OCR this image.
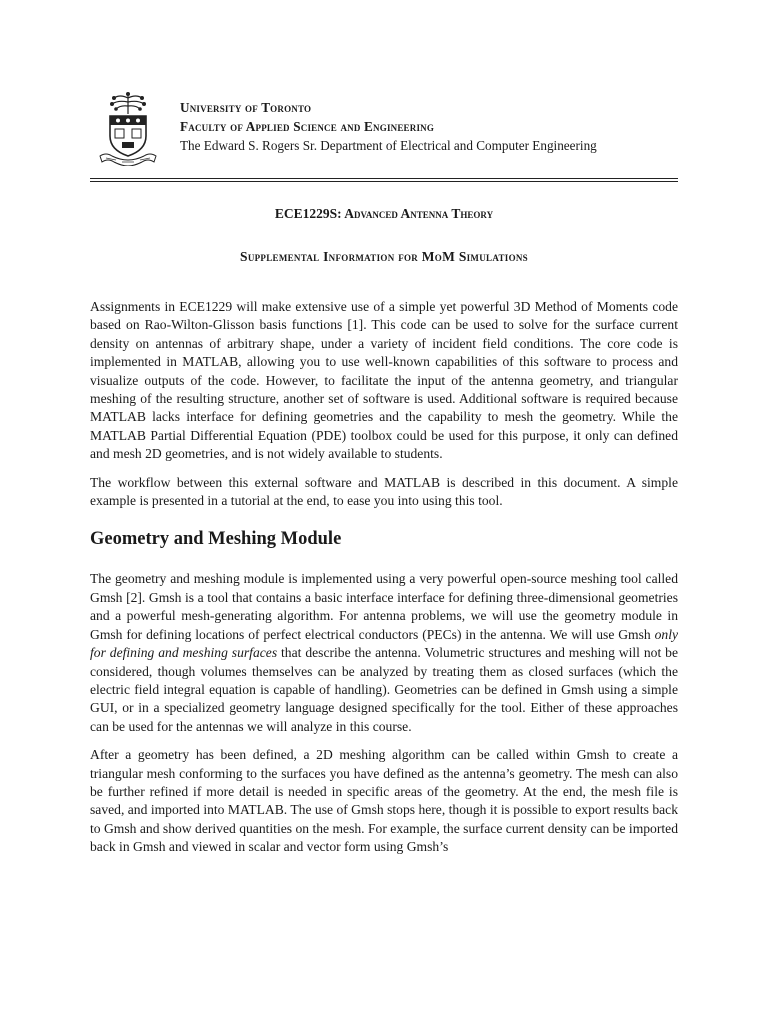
University of Toronto
Faculty of Applied Science and Engineering
The Edward S. Rogers Sr. Department of Electrical and Computer Engineering
ECE1229S: Advanced Antenna Theory
Supplemental Information for MoM Simulations

Assignments in ECE1229 will make extensive use of a simple yet powerful 3D Method of Moments code based on Rao-Wilton-Glisson basis functions [1]. This code can be used to solve for the surface current density on antennas of arbitrary shape, under a variety of incident field conditions. The core code is implemented in MATLAB, allowing you to use well-known capabilities of this software to process and visualize outputs of the code. However, to facilitate the input of the antenna geometry, and triangular meshing of the resulting structure, another set of software is used. Additional software is required because MATLAB lacks interface for defining geometries and the capability to mesh the geometry. While the MATLAB Partial Differential Equation (PDE) toolbox could be used for this purpose, it only can defined and mesh 2D geometries, and is not widely available to students.

The workflow between this external software and MATLAB is described in this document. A simple example is presented in a tutorial at the end, to ease you into using this tool.

Geometry and Meshing Module

The geometry and meshing module is implemented using a very powerful open-source meshing tool called Gmsh [2]. Gmsh is a tool that contains a basic interface interface for defining three-dimensional geometries and a powerful mesh-generating algorithm. For antenna problems, we will use the geometry module in Gmsh for defining locations of perfect electrical conductors (PECs) in the antenna. We will use Gmsh only for defining and meshing surfaces that describe the antenna. Volumetric structures and meshing will not be considered, though volumes themselves can be analyzed by treating them as closed surfaces (which the electric field integral equation is capable of handling). Geometries can be defined in Gmsh using a simple GUI, or in a specialized geometry language designed specifically for the tool. Either of these approaches can be used for the antennas we will analyze in this course.

After a geometry has been defined, a 2D meshing algorithm can be called within Gmsh to create a triangular mesh conforming to the surfaces you have defined as the antenna’s geometry. The mesh can also be further refined if more detail is needed in specific areas of the geometry. At the end, the mesh file is saved, and imported into MATLAB. The use of Gmsh stops here, though it is possible to export results back to Gmsh and show derived quantities on the mesh. For example, the surface current density can be imported back in Gmsh and viewed in scalar and vector form using Gmsh’s
